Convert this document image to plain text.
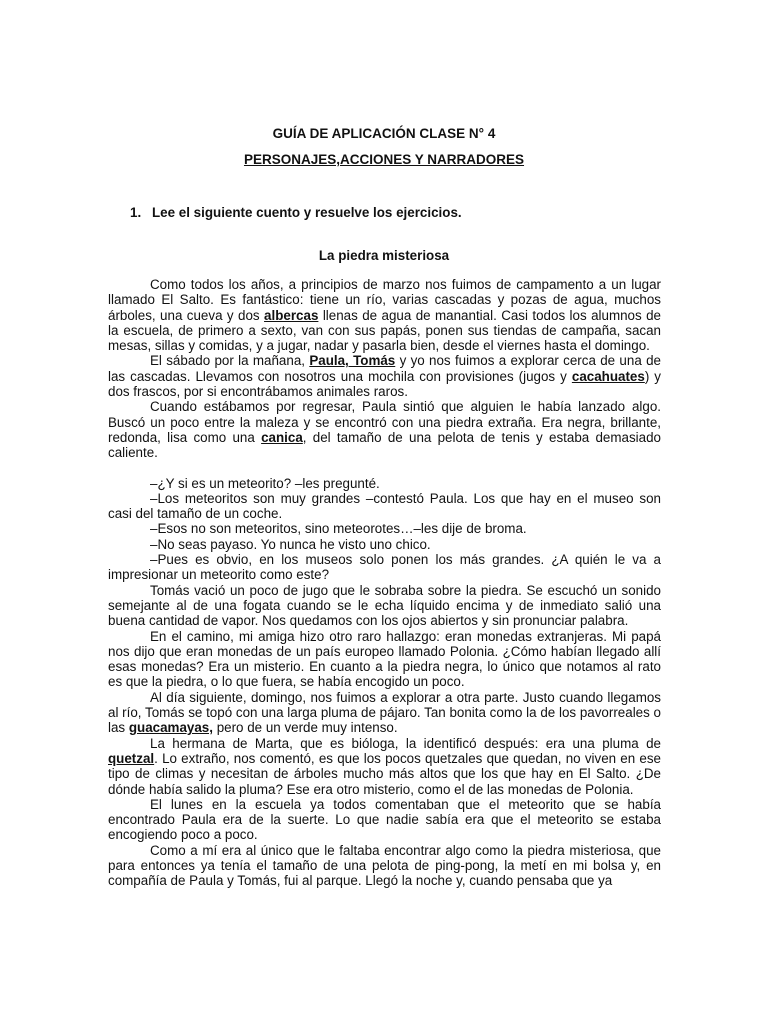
GUÍA DE APLICACIÓN CLASE N° 4
PERSONAJES,ACCIONES Y NARRADORES
1. Lee el siguiente cuento y resuelve los ejercicios.
La piedra misteriosa

Como todos los años, a principios de marzo nos fuimos de campamento a un lugar llamado El Salto. Es fantástico: tiene un río, varias cascadas y pozas de agua, muchos árboles, una cueva y dos albercas llenas de agua de manantial. Casi todos los alumnos de la escuela, de primero a sexto, van con sus papás, ponen sus tiendas de campaña, sacan mesas, sillas y comidas, y a jugar, nadar y pasarla bien, desde el viernes hasta el domingo.

El sábado por la mañana, Paula, Tomás y yo nos fuimos a explorar cerca de una de las cascadas. Llevamos con nosotros una mochila con provisiones (jugos y cacahuates) y dos frascos, por si encontrábamos animales raros.

Cuando estábamos por regresar, Paula sintió que alguien le había lanzado algo. Buscó un poco entre la maleza y se encontró con una piedra extraña. Era negra, brillante, redonda, lisa como una canica, del tamaño de una pelota de tenis y estaba demasiado caliente.

–¿Y si es un meteorito? –les pregunté.

–Los meteoritos son muy grandes –contestó Paula. Los que hay en el museo son casi del tamaño de un coche.

–Esos no son meteoritos, sino meteorotes…–les dije de broma.

–No seas payaso. Yo nunca he visto uno chico.

–Pues es obvio, en los museos solo ponen los más grandes. ¿A quién le va a impresionar un meteorito como este?

Tomás vació un poco de jugo que le sobraba sobre la piedra. Se escuchó un sonido semejante al de una fogata cuando se le echa líquido encima y de inmediato salió una buena cantidad de vapor. Nos quedamos con los ojos abiertos y sin pronunciar palabra.

En el camino, mi amiga hizo otro raro hallazgo: eran monedas extranjeras. Mi papá nos dijo que eran monedas de un país europeo llamado Polonia. ¿Cómo habían llegado allí esas monedas? Era un misterio. En cuanto a la piedra negra, lo único que notamos al rato es que la piedra, o lo que fuera, se había encogido un poco.

Al día siguiente, domingo, nos fuimos a explorar a otra parte. Justo cuando llegamos al río, Tomás se topó con una larga pluma de pájaro. Tan bonita como la de los pavorreales o las guacamayas, pero de un verde muy intenso.

La hermana de Marta, que es bióloga, la identificó después: era una pluma de quetzal. Lo extraño, nos comentó, es que los pocos quetzales que quedan, no viven en ese tipo de climas y necesitan de árboles mucho más altos que los que hay en El Salto. ¿De dónde había salido la pluma? Ese era otro misterio, como el de las monedas de Polonia.

El lunes en la escuela ya todos comentaban que el meteorito que se había encontrado Paula era de la suerte. Lo que nadie sabía era que el meteorito se estaba encogiendo poco a poco.

Como a mí era al único que le faltaba encontrar algo como la piedra misteriosa, que para entonces ya tenía el tamaño de una pelota de ping-pong, la metí en mi bolsa y, en compañía de Paula y Tomás, fui al parque. Llegó la noche y, cuando pensaba que ya
